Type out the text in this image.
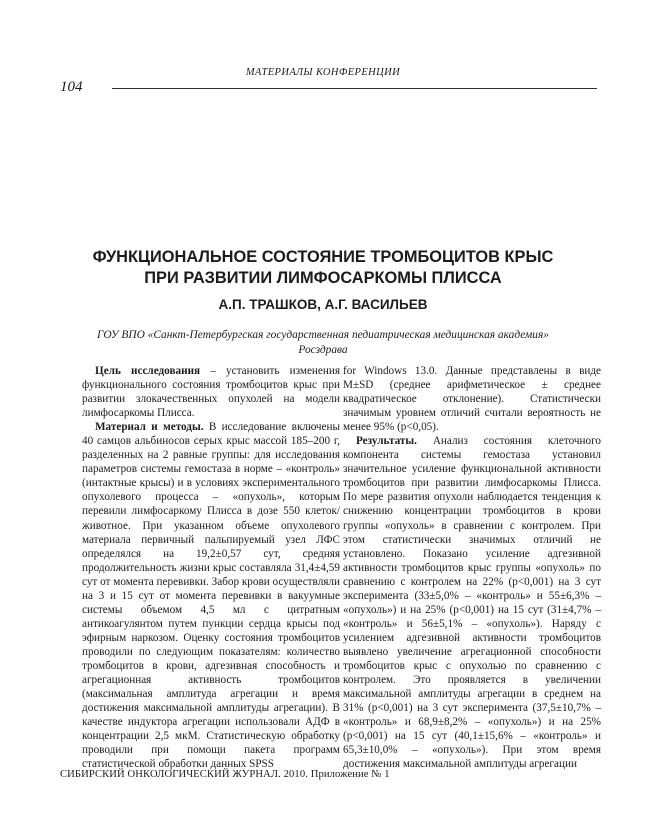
МАТЕРИАЛЫ КОНФЕРЕНЦИИ
104
ФУНКЦИОНАЛЬНОЕ СОСТОЯНИЕ ТРОМБОЦИТОВ КРЫС
ПРИ РАЗВИТИИ ЛИМФОСАРКОМЫ ПЛИССА
А.П. ТРАШКОВ, А.Г. ВАСИЛЬЕВ
ГОУ ВПО «Санкт-Петербургская государственная педиатрическая медицинская академия»
Росздрава

Цель исследования – установить изменения функционального состояния тромбоцитов крыс при развитии злокачественных опухолей на модели лимфосаркомы Плисса.

Материал и методы. В исследование включены 40 самцов альбиносов серых крыс массой 185–200 г, разделенных на 2 равные группы: для исследования параметров системы гемостаза в норме – «контроль» (интактные крысы) и в условиях экспериментального опухолевого процесса – «опухоль», которым перевили лимфосаркому Плисса в дозе 550 клеток/животное. При указанном объеме опухолевого материала первичный пальпируемый узел ЛФС определялся на 19,2±0,57 сут, средняя продолжительность жизни крыс составляла 31,4±4,59 сут от момента перевивки. Забор крови осуществляли на 3 и 15 сут от момента перевивки в вакуумные системы объемом 4,5 мл с цитратным антикоагулянтом путем пункции сердца крысы под эфирным наркозом. Оценку состояния тромбоцитов проводили по следующим показателям: количество тромбоцитов в крови, адгезивная способность и агрегационная активность тромбоцитов (максимальная амплитуда агрегации и время достижения максимальной амплитуды агрегации). В качестве индуктора агрегации использовали АДФ в концентрации 2,5 мкМ. Статистическую обработку проводили при помощи пакета программ статистической обработки данных SPSS

for Windows 13.0. Данные представлены в виде M±SD (среднее арифметическое ± среднее квадратическое отклонение). Статистически значимым уровнем отличий считали вероятность не менее 95% (p<0,05).

Результаты. Анализ состояния клеточного компонента системы гемостаза установил значительное усиление функциональной активности тромбоцитов при развитии лимфосаркомы Плисса. По мере развития опухоли наблюдается тенденция к снижению концентрации тромбоцитов в крови группы «опухоль» в сравнении с контролем. При этом статистически значимых отличий не установлено. Показано усиление адгезивной активности тромбоцитов крыс группы «опухоль» по сравнению с контролем на 22% (p<0,001) на 3 сут эксперимента (33±5,0% – «контроль» и 55±6,3% – «опухоль») и на 25% (p<0,001) на 15 сут (31±4,7% – «контроль» и 56±5,1% – «опухоль»). Наряду с усилением адгезивной активности тромбоцитов выявлено увеличение агрегационной способности тромбоцитов крыс с опухолью по сравнению с контролем. Это проявляется в увеличении максимальной амплитуды агрегации в среднем на 31% (p<0,001) на 3 сут эксперимента (37,5±10,7% – «контроль» и 68,9±8,2% – «опухоль») и на 25% (p<0,001) на 15 сут (40,1±15,6% – «контроль» и 65,3±10,0% – «опухоль»). При этом время достижения максимальной амплитуды агрегации

СИБИРСКИЙ ОНКОЛОГИЧЕСКИЙ ЖУРНАЛ. 2010. Приложение № 1
